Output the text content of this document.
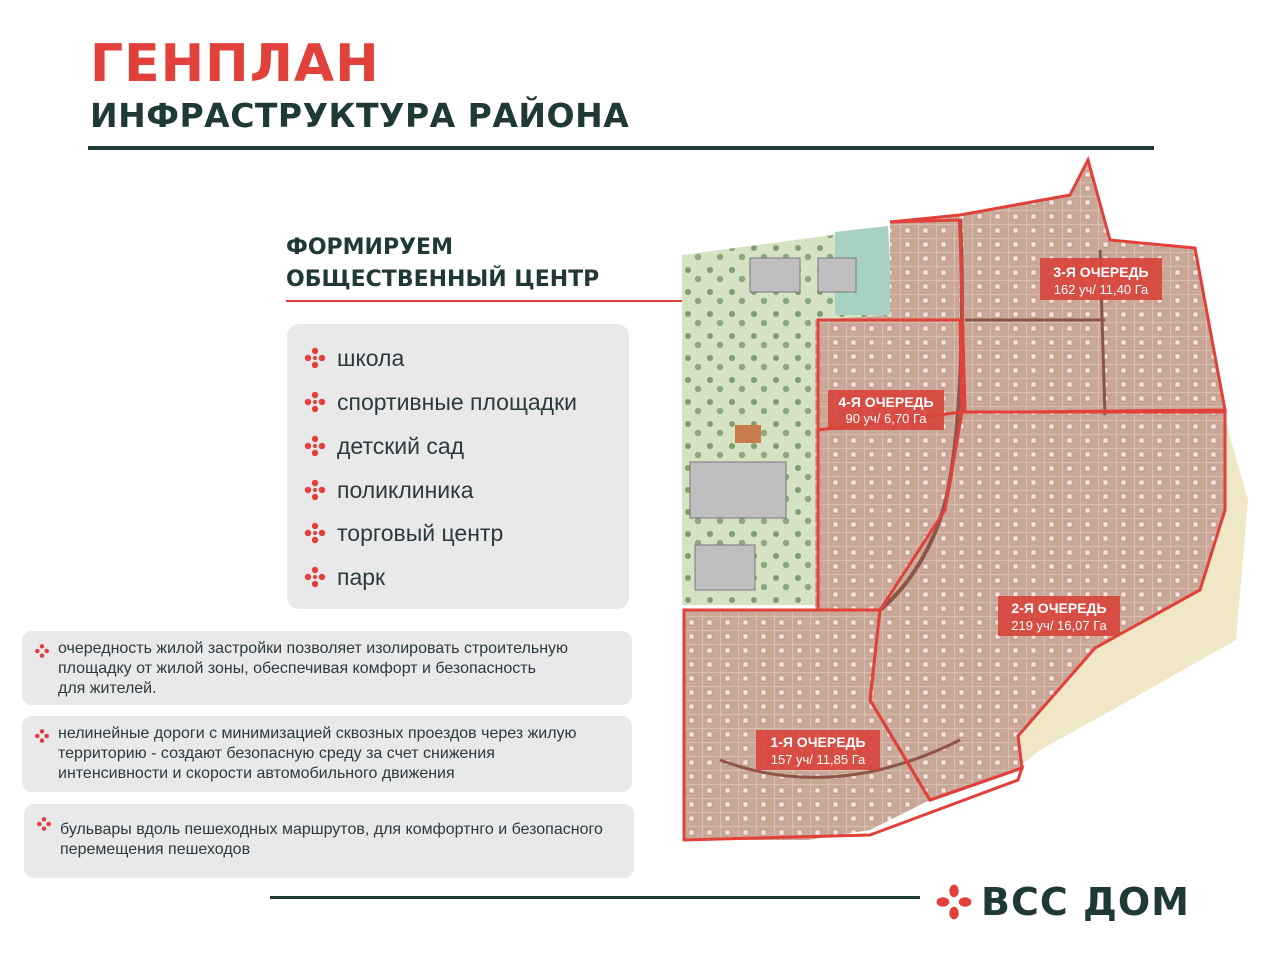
ГЕНПЛАН
ИНФРАСТРУКТУРА РАЙОНА
ФОРМИРУЕМ
ОБЩЕСТВЕННЫЙ ЦЕНТР
школа
спортивные площадки
детский сад
поликлиника
торговый центр
парк

очередность жилой застройки позволяет изолировать строительную
площадку от жилой зоны, обеспечивая комфорт и безопасность
для жителей.

нелинейные дороги с минимизацией сквозных проездов через жилую
территорию - создают безопасную среду за счет снижения
интенсивности и скорости автомобильного движения

бульвары вдоль пешеходных маршрутов, для комфортнго и безопасного
перемещения пешеходов

3-Я ОЧЕРЕДЬ
162 уч/ 11,40 Га
4-Я ОЧЕРЕДЬ
90 уч/ 6,70 Га
2-Я ОЧЕРЕДЬ
219 уч/ 16,07 Га
1-Я ОЧЕРЕДЬ
157 уч/ 11,85 Га
BCC ДОМ
